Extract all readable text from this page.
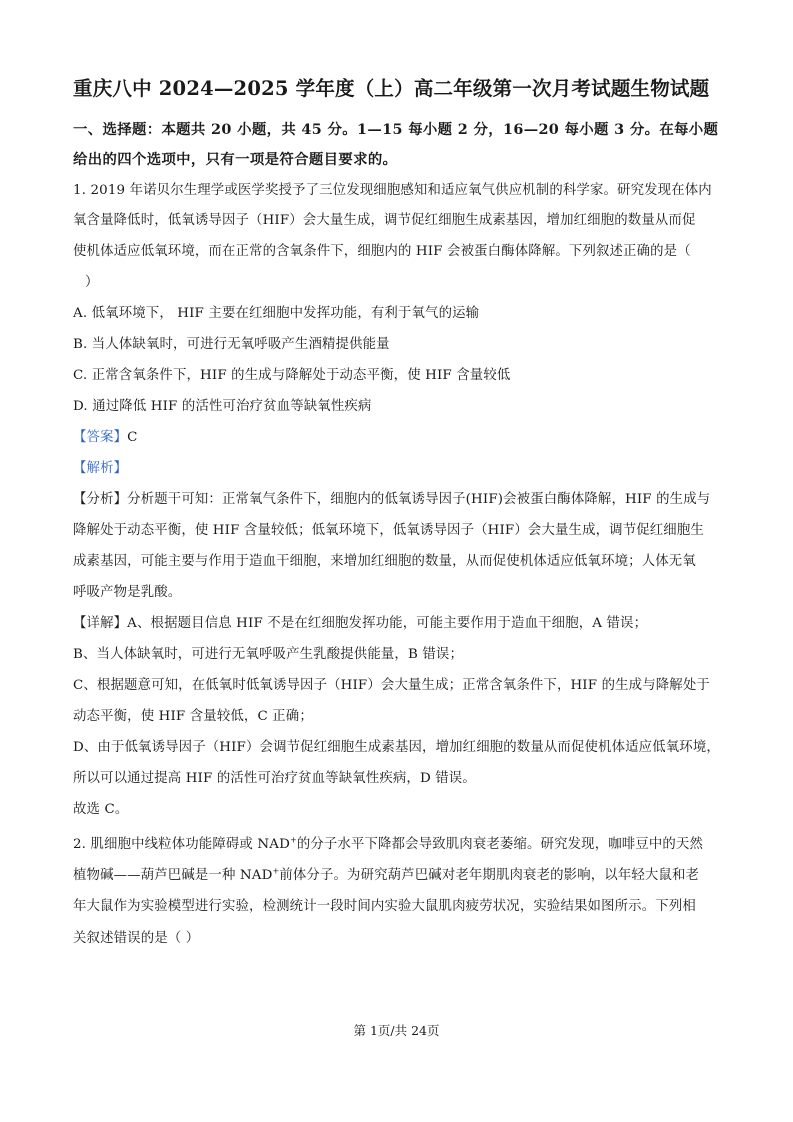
重庆八中 2024—2025 学年度（上）高二年级第一次月考试题生物试题
一、选择题：本题共 20 小题，共 45 分。1—15 每小题 2 分，16—20 每小题 3 分。在每小题
给出的四个选项中，只有一项是符合题目要求的。
1. 2019 年诺贝尔生理学或医学奖授予了三位发现细胞感知和适应氧气供应机制的科学家。研究发现在体内
氧含量降低时，低氧诱导因子（HIF）会大量生成，调节促红细胞生成素基因，增加红细胞的数量从而促
使机体适应低氧环境，而在正常的含氧条件下，细胞内的 HIF 会被蛋白酶体降解。下列叙述正确的是（
）
A. 低氧环境下， HIF 主要在红细胞中发挥功能，有利于氧气的运输
B. 当人体缺氧时，可进行无氧呼吸产生酒精提供能量
C. 正常含氧条件下，HIF 的生成与降解处于动态平衡，使 HIF 含量较低
D. 通过降低 HIF 的活性可治疗贫血等缺氧性疾病
【答案】C
【解析】
【分析】分析题干可知：正常氧气条件下，细胞内的低氧诱导因子(HIF)会被蛋白酶体降解，HIF 的生成与
降解处于动态平衡，使 HIF 含量较低；低氧环境下，低氧诱导因子（HIF）会大量生成，调节促红细胞生
成素基因，可能主要与作用于造血干细胞，来增加红细胞的数量，从而促使机体适应低氧环境；人体无氧
呼吸产物是乳酸。
【详解】A、根据题目信息 HIF 不是在红细胞发挥功能，可能主要作用于造血干细胞，A 错误；
B、当人体缺氧时，可进行无氧呼吸产生乳酸提供能量，B 错误；
C、根据题意可知，在低氧时低氧诱导因子（HIF）会大量生成；正常含氧条件下，HIF 的生成与降解处于
动态平衡，使 HIF 含量较低，C 正确；
D、由于低氧诱导因子（HIF）会调节促红细胞生成素基因，增加红细胞的数量从而促使机体适应低氧环境，
所以可以通过提高 HIF 的活性可治疗贫血等缺氧性疾病，D 错误。
故选 C。
2. 肌细胞中线粒体功能障碍或 NAD+的分子水平下降都会导致肌肉衰老萎缩。研究发现，咖啡豆中的天然
植物碱——葫芦巴碱是一种 NAD+前体分子。为研究葫芦巴碱对老年期肌肉衰老的影响，以年轻大鼠和老
年大鼠作为实验模型进行实验，检测统计一段时间内实验大鼠肌肉疲劳状况，实验结果如图所示。下列相
关叙述错误的是（ ）
第 1页/共 24页
